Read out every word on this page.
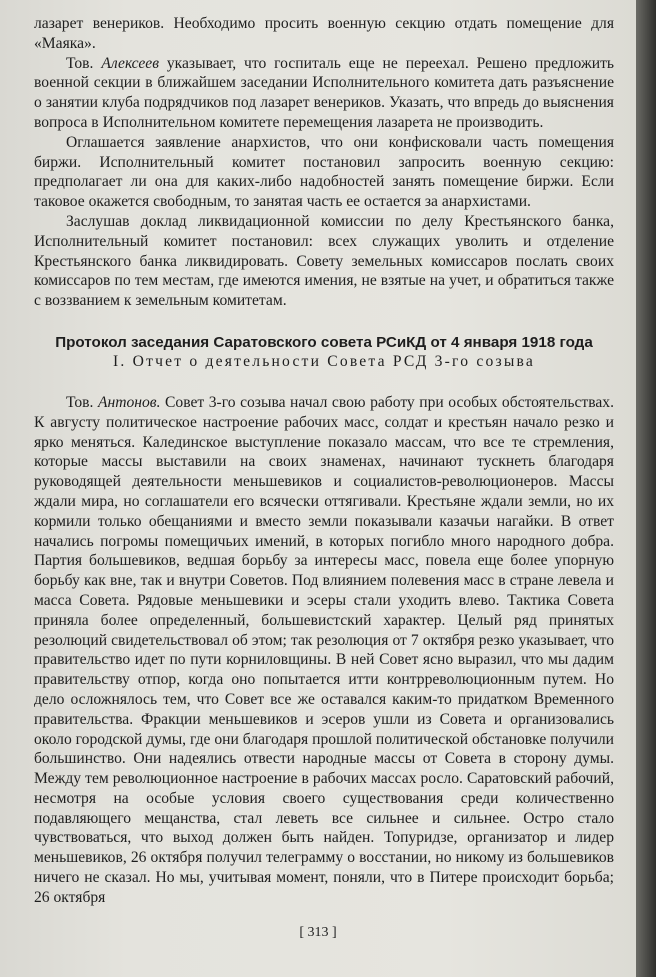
лазарет венериков. Необходимо просить военную секцию отдать помещение для «Маяка».

Тов. Алексеев указывает, что госпиталь еще не переехал. Решено предложить военной секции в ближайшем заседании Исполнительного комитета дать разъяснение о занятии клуба подрядчиков под лазарет венериков. Указать, что впредь до выяснения вопроса в Исполнительном комитете перемещения лазарета не производить.

Оглашается заявление анархистов, что они конфисковали часть помещения биржи. Исполнительный комитет постановил запросить военную секцию: предполагает ли она для каких-либо надобностей занять помещение биржи. Если таковое окажется свободным, то занятая часть ее остается за анархистами.

Заслушав доклад ликвидационной комиссии по делу Крестьянского банка, Исполнительный комитет постановил: всех служащих уволить и отделение Крестьянского банка ликвидировать. Совету земельных комиссаров послать своих комиссаров по тем местам, где имеются имения, не взятые на учет, и обратиться также с воззванием к земельным комитетам.

Протокол заседания Саратовского совета РСиКД от 4 января 1918 года
I. Отчет о деятельности Совета РСД 3-го созыва

Тов. Антонов. Совет 3-го созыва начал свою работу при особых обстоятельствах. К августу политическое настроение рабочих масс, солдат и крестьян начало резко и ярко меняться. Калединское выступление показало массам, что все те стремления, которые массы выставили на своих знаменах, начинают тускнеть благодаря руководящей деятельности меньшевиков и социалистов-революционеров. Массы ждали мира, но соглашатели его всячески оттягивали. Крестьяне ждали земли, но их кормили только обещаниями и вместо земли показывали казачьи нагайки. В ответ начались погромы помещичьих имений, в которых погибло много народного добра. Партия большевиков, ведшая борьбу за интересы масс, повела еще более упорную борьбу как вне, так и внутри Советов. Под влиянием полевения масс в стране левела и масса Совета. Рядовые меньшевики и эсеры стали уходить влево. Тактика Совета приняла более определенный, большевистский характер. Целый ряд принятых резолюций свидетельствовал об этом; так резолюция от 7 октября резко указывает, что правительство идет по пути корниловщины. В ней Совет ясно выразил, что мы дадим правительству отпор, когда оно попытается итти контрреволюционным путем. Но дело осложнялось тем, что Совет все же оставался каким-то придатком Временного правительства. Фракции меньшевиков и эсеров ушли из Совета и организовались около городской думы, где они благодаря прошлой политической обстановке получили большинство. Они надеялись отвести народные массы от Совета в сторону думы. Между тем революционное настроение в рабочих массах росло. Саратовский рабочий, несмотря на особые условия своего существования среди количественно подавляющего мещанства, стал леветь все сильнее и сильнее. Остро стало чувствоваться, что выход должен быть найден. Топуридзе, организатор и лидер меньшевиков, 26 октября получил телеграмму о восстании, но никому из большевиков ничего не сказал. Но мы, учитывая момент, поняли, что в Питере происходит борьба; 26 октября

[ 313 ]
